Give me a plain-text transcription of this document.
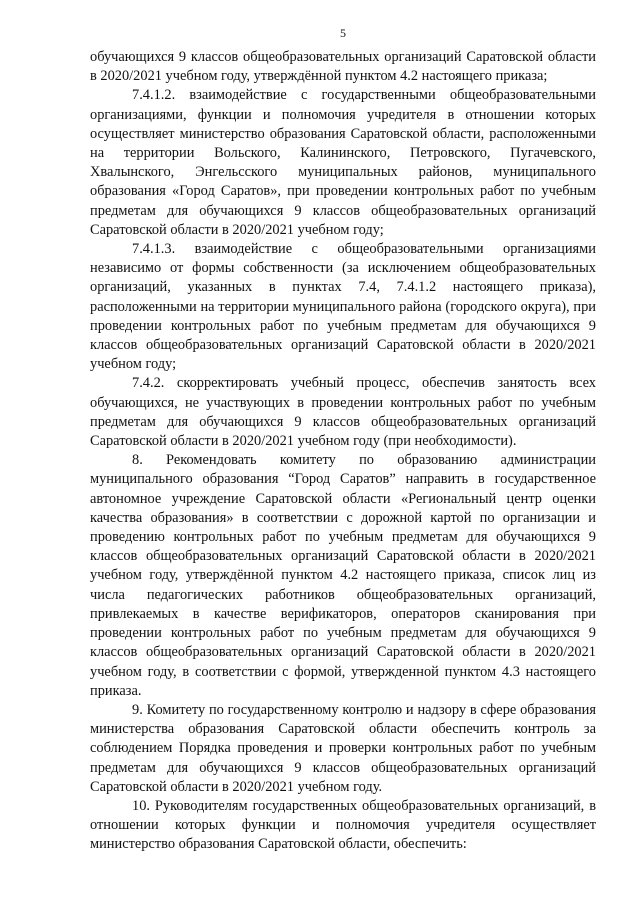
5

обучающихся 9 классов общеобразовательных организаций Саратовской области в 2020/2021 учебном году, утверждённой пунктом 4.2 настоящего приказа;

7.4.1.2. взаимодействие с государственными общеобразовательными организациями, функции и полномочия учредителя в отношении которых осуществляет министерство образования Саратовской области, расположенными на территории Вольского, Калининского, Петровского, Пугачевского, Хвалынского, Энгельсского муниципальных районов, муниципального образования «Город Саратов», при проведении контрольных работ по учебным предметам для обучающихся 9 классов общеобразовательных организаций Саратовской области в 2020/2021 учебном году;

7.4.1.3. взаимодействие с общеобразовательными организациями независимо от формы собственности (за исключением общеобразовательных организаций, указанных в пунктах 7.4, 7.4.1.2 настоящего приказа), расположенными на территории муниципального района (городского округа), при проведении контрольных работ по учебным предметам для обучающихся 9 классов общеобразовательных организаций Саратовской области в 2020/2021 учебном году;

7.4.2. скорректировать учебный процесс, обеспечив занятость всех обучающихся, не участвующих в проведении контрольных работ по учебным предметам для обучающихся 9 классов общеобразовательных организаций Саратовской области в 2020/2021 учебном году (при необходимости).

8. Рекомендовать комитету по образованию администрации муниципального образования “Город Саратов” направить в государственное автономное учреждение Саратовской области «Региональный центр оценки качества образования» в соответствии с дорожной картой по организации и проведению контрольных работ по учебным предметам для обучающихся 9 классов общеобразовательных организаций Саратовской области в 2020/2021 учебном году, утверждённой пунктом 4.2 настоящего приказа, список лиц из числа педагогических работников общеобразовательных организаций, привлекаемых в качестве верификаторов, операторов сканирования при проведении контрольных работ по учебным предметам для обучающихся 9 классов общеобразовательных организаций Саратовской области в 2020/2021 учебном году, в соответствии с формой, утвержденной пунктом 4.3 настоящего приказа.

9. Комитету по государственному контролю и надзору в сфере образования министерства образования Саратовской области обеспечить контроль за соблюдением Порядка проведения и проверки контрольных работ по учебным предметам для обучающихся 9 классов общеобразовательных организаций Саратовской области в 2020/2021 учебном году.

10. Руководителям государственных общеобразовательных организаций, в отношении которых функции и полномочия учредителя осуществляет министерство образования Саратовской области, обеспечить:
